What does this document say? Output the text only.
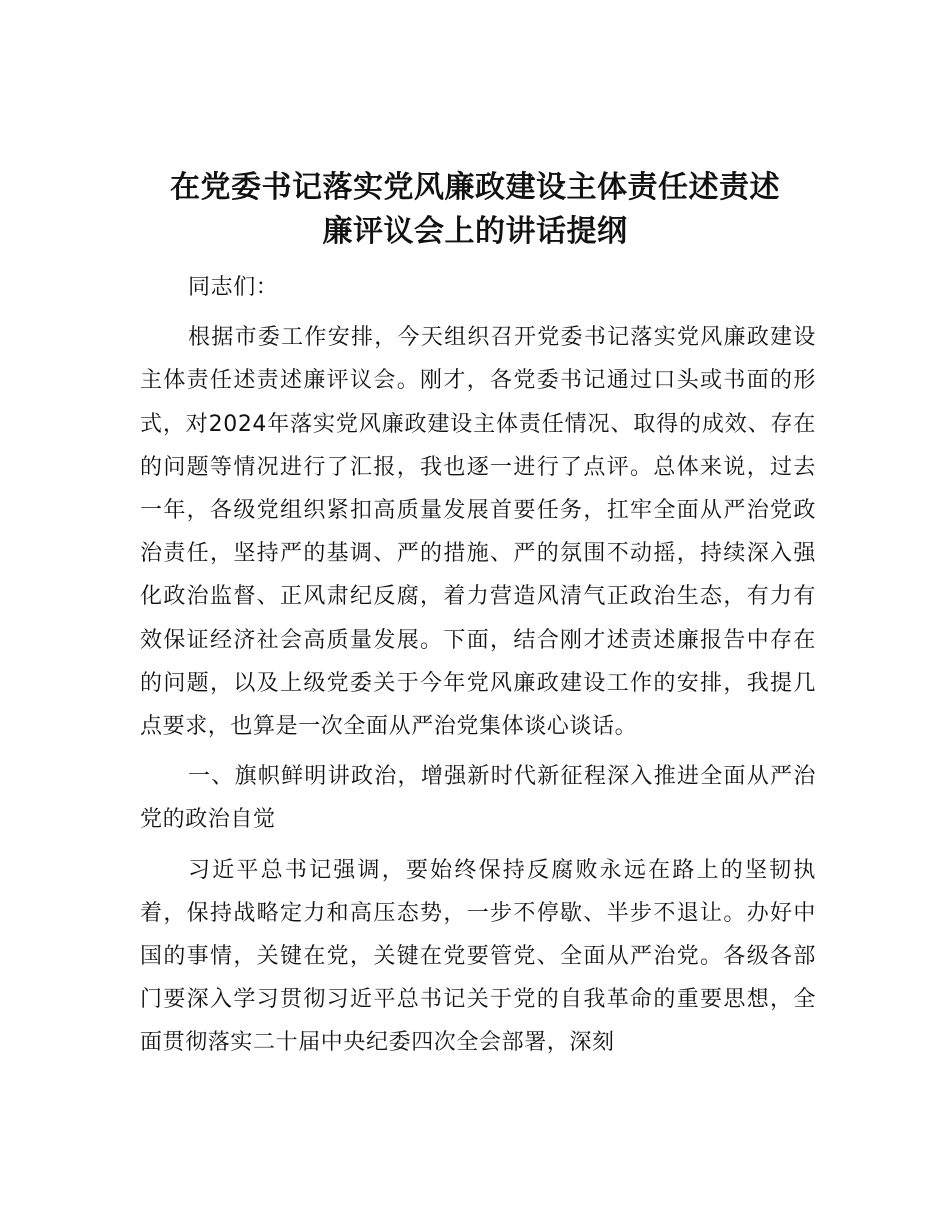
在党委书记落实党风廉政建设主体责任述责述
廉评议会上的讲话提纲

同志们：

根据市委工作安排，今天组织召开党委书记落实党风廉政建设主体责任述责述廉评议会。刚才，各党委书记通过口头或书面的形式，对2024年落实党风廉政建设主体责任情况、取得的成效、存在的问题等情况进行了汇报，我也逐一进行了点评。总体来说，过去一年，各级党组织紧扣高质量发展首要任务，扛牢全面从严治党政治责任，坚持严的基调、严的措施、严的氛围不动摇，持续深入强化政治监督、正风肃纪反腐，着力营造风清气正政治生态，有力有效保证经济社会高质量发展。下面，结合刚才述责述廉报告中存在的问题，以及上级党委关于今年党风廉政建设工作的安排，我提几点要求，也算是一次全面从严治党集体谈心谈话。

一、旗帜鲜明讲政治，增强新时代新征程深入推进全面从严治党的政治自觉

习近平总书记强调，要始终保持反腐败永远在路上的坚韧执着，保持战略定力和高压态势，一步不停歇、半步不退让。办好中国的事情，关键在党，关键在党要管党、全面从严治党。各级各部门要深入学习贯彻习近平总书记关于党的自我革命的重要思想，全面贯彻落实二十届中央纪委四次全会部署，深刻
